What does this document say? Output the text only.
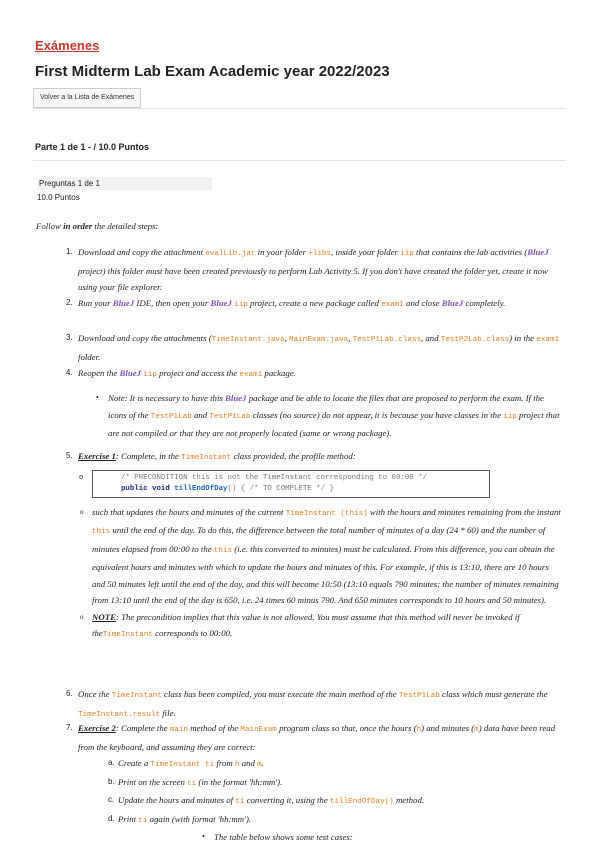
Exámenes
First Midterm Lab Exam Academic year 2022/2023
Volver a la Lista de Exámenes
Parte 1 de 1 - / 10.0 Puntos
Preguntas 1 de 1
10.0 Puntos
Follow in order the detailed steps:
1. Download and copy the attachment evalLib.jar in your folder +libs, inside your folder iip that contains the lab activities (BlueJ project) this folder must have been created previously to perform Lab Activity 5. If you don't have created the folder yet, create it now using your file explorer.
2. Run your BlueJ IDE, then open your BlueJ iip project, create a new package called exam1 and close BlueJ completely.
3. Download and copy the attachments (TimeInstant.java, MainExam.java, TestP1Lab.class, and TestP2Lab.class) in the exam1 folder.
4. Reopen the BlueJ iip project and access the exam1 package.
• Note: It is necessary to have this BlueJ package and be able to locate the files that are proposed to perform the exam. If the icons of the TestP1Lab and TestP1Lab classes (no source) do not appear, it is because you have classes in the iip project that are not compiled or that they are not properly located (same or wrong package).
5. Exercise 1: Complete, in the TimeInstant class provided, the profile method:
o	/* PRECONDITION this is not the TimeInstant corresponding to 00:00 */
public void tillEndOfDay() { /* TO COMPLETE */ }
o such that updates the hours and minutes of the current TimeInstant (this) with the hours and minutes remaining from the instant this until the end of the day. To do this, the difference between the total number of minutes of a day (24 * 60) and the number of minutes elapsed from 00:00 to the this (i.e. this converted to minutes) must be calculated. From this difference, you can obtain the equivalent hours and minutes with which to update the hours and minutes of this. For example, if this is 13:10, there are 10 hours and 50 minutes left until the end of the day, and this will become 10:50 (13:10 equals 790 minutes; the number of minutes remaining from 13:10 until the end of the day is 650, i.e. 24 times 60 minus 790. And 650 minutes corresponds to 10 hours and 50 minutes).
o NOTE: The precondition implies that this value is not allowed. You must assume that this method will never be invoked if theTimeInstant corresponds to 00:00.
6. Once the TimeInstant class has been compiled, you must execute the main method of the TestP1Lab class which must generate the TimeInstant.result file.
7. Exercise 2: Complete the main method of the MainExam program class so that, once the hours (h) and minutes (m) data have been read from the keyboard, and assuming they are correct:
a. Create a TimeInstant ti from h and m.
b. Print on the screen ti (in the format 'hh:mm').
c. Update the hours and minutes of ti converting it, using the tillEndOfDay() method.
d. Print ti again (with format 'hh:mm').
• The table below shows some test cases:
